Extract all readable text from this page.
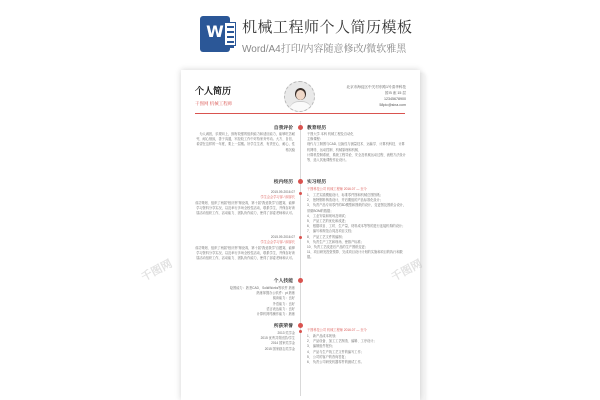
W 机械工程师个人简历模板
Word/A4打印/内容随意修改/微软雅黑
个人简历
干图网 机械工程师
北京市海淀区中关村东路1号清华科技
园 B 座 15 层
12345678900
58pic@sina.com
自我评价	教育经历
为人诚恳，乐观向上，拥有较强的组织能力和适应能力，能够吃苦耐劳，耐心细致，善于沟通，牢经较工作中对待家务劳动。大方、自信，希望在这样的一年度，要上一层楼。好学生生者、有责任心、耐心，性格沉稳
干图大学 本科 机械工程及自动化
主修课程：
现代与工制图与CAD, 互换性与测量技术、运输学、计算机科技、计算机网络、运动控制、机械原理和机械、
计算机控制系统、系统工程导论、安全及机械运动过程、流程方法设计等、选入其他课程作业设计。
校内经历	实习经历
2015.09-2016.07
学生会会学习部 / 副部长
成功策划、组织了两届“校庆杯”辩论赛，第十届“我爱我学”百题赛，能够学习资料分享实况，以及举行多场全校性活动，联系学生，并保存好该届活动组织工作，活动能力、团队协作能力，使得了部委老师和认可。
2015.09-2016.07
学生会会学习部 / 副部长
成功策划、组织了两届“校庆杯”辩论赛，第十届“我爱我学”百题赛，能够学习资料分享实况，以及举行多场全校性活动，联系学生，并保存好该届活动组织工作，活动能力、团队协作能力，使得了部委老师和认可。
干图科技公司 机械工程师 2016.07 — 至今
1、 工艺实践模板设计，标准零件图和机械总图图纸；
2、 独特钢料铸造设计，并后期组的产品标准化设计；
3、 负责产品专用零件的3D模型和图纸的设计，变更图及图纸合设计，常做BOM的数据；
4、 工业安装和现场及调试；
5、 产品工艺的优化和改进；
6、 根据项目、工时、生产量，材料成本等等的进行连接机构的设计；
7、 编写和规范合同及项目文档；
8、 产品工艺文件的编制；
9、 负责生产工艺和现场，使推产标准；
10、负责工艺改进后产品的生产图纸变更；
11、项目研发投资预算、完成项目设计计划的实施和项目的执行和数据。
个人技能
绘图能力：熟悉CAD、SolidWorks等软件 熟练
熟练掌握办公软件：pt 熟练
阅读能力：良好
外语能力：良好
语言表达能力：良好
计算机网络操作能力：熟练
所获荣誉
2013 奖学金
2015 优秀共青团员/学生
2014 国家奖学金
2015 国家励志奖学金
干图科技公司 机械工程师 2016.07 — 至今
1、 新产品成本规划；
2、 产品设备、加工工艺制造、编辑、工序设计；
3、 编制组件报价；
4、 产品与生产线工艺文件的编写工作；
5、 公司的客户的咨询答复；
6、 负责公司研发机器零件的测试工作。
千图网	千图网
